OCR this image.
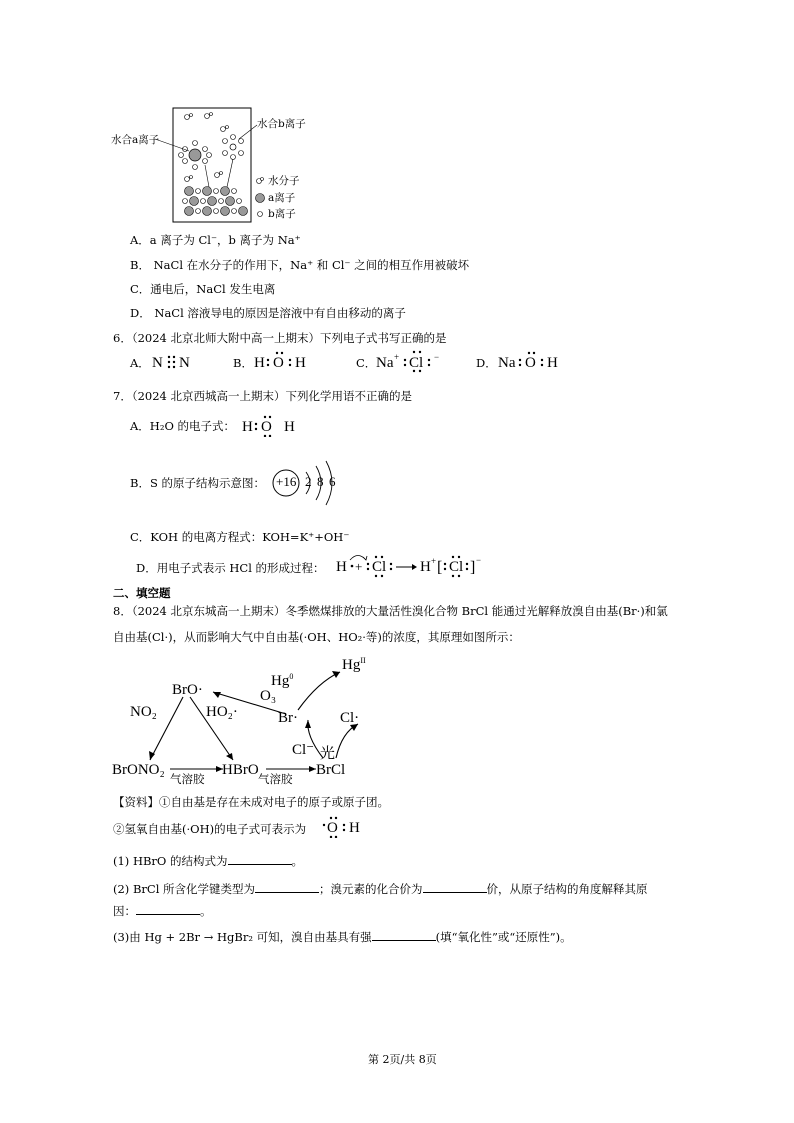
水合a离子
水合b离子
水分子
a离子
b离子
A．a 离子为 Cl⁻，b 离子为 Na⁺
B． NaCl 在水分子的作用下，Na⁺ 和 Cl⁻ 之间的相互作用被破坏
C．通电后，NaCl 发生电离
D． NaCl 溶液导电的原因是溶液中有自由移动的离子
6．（2024 北京北师大附中高一上期末）下列电子式书写正确的是
A． N N	B． H O H	C． Na + Cl −	D． Na O H
7．（2024 北京西城高一上期末）下列化学用语不正确的是
A．H₂O 的电子式： H O H
B．S 的原子结构示意图： +16 2 8 6
C．KOH 的电离方程式：KOH=K⁺+OH⁻
D．用电子式表示 HCl 的形成过程： H + Cl H + [ Cl ] −
二、填空题
8．（2024 北京东城高一上期末）冬季燃煤排放的大量活性溴化合物 BrCl 能通过光解释放溴自由基(Br·)和氯
自由基(Cl·)，从而影响大气中自由基(·OH、HO₂·等)的浓度，其原理如图所示：
$Hg^{II}$
Hg$^0$
BrO·	O₃
NO₂	HO₂·	Br·	Cl·
Cl⁻ 光
BrONO₂
气溶胶
HBrO
气溶胶
BrCl
【资料】①自由基是存在未成对电子的原子或原子团。
②氢氧自由基(·OH)的电子式可表示为 O H
(1) HBrO 的结构式为	。
(2) BrCl 所含化学键类型为	；溴元素的化合价为	价，从原子结构的角度解释其原
因：	。
(3)由 Hg + 2Br → HgBr₂ 可知，溴自由基具有强	(填“氧化性”或“还原性”)。
第 2页/共 8页
